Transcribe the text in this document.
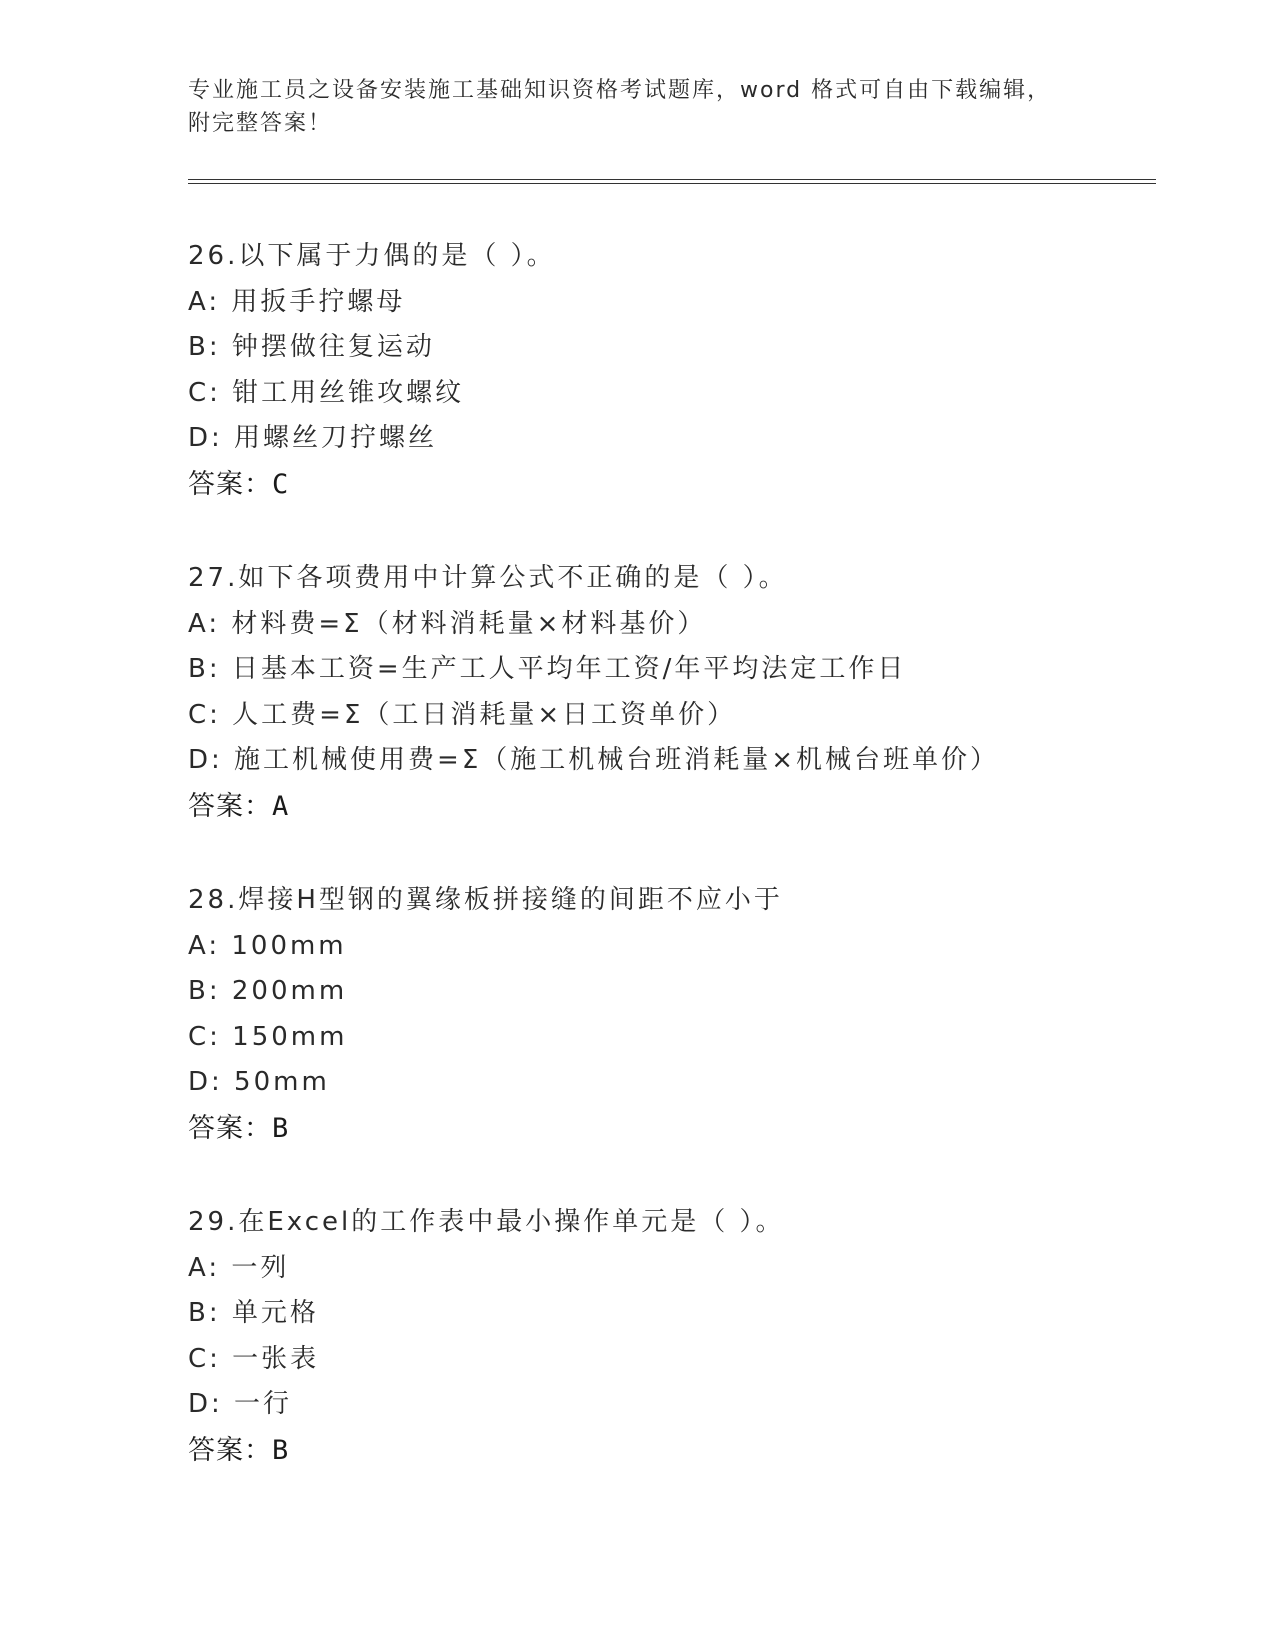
专业施工员之设备安装施工基础知识资格考试题库，word 格式可自由下载编辑，
附完整答案！
26.以下属于力偶的是（ ）。
A: 用扳手拧螺母
B: 钟摆做往复运动
C: 钳工用丝锥攻螺纹
D: 用螺丝刀拧螺丝
答案：C
27.如下各项费用中计算公式不正确的是（ ）。
A: 材料费=Σ（材料消耗量×材料基价）
B: 日基本工资=生产工人平均年工资/年平均法定工作日
C: 人工费=Σ（工日消耗量×日工资单价）
D: 施工机械使用费=Σ（施工机械台班消耗量×机械台班单价）
答案：A
28.焊接H型钢的翼缘板拼接缝的间距不应小于
A: 100mm
B: 200mm
C: 150mm
D: 50mm
答案：B
29.在Excel的工作表中最小操作单元是（ ）。
A: 一列
B: 单元格
C: 一张表
D: 一行
答案：B
